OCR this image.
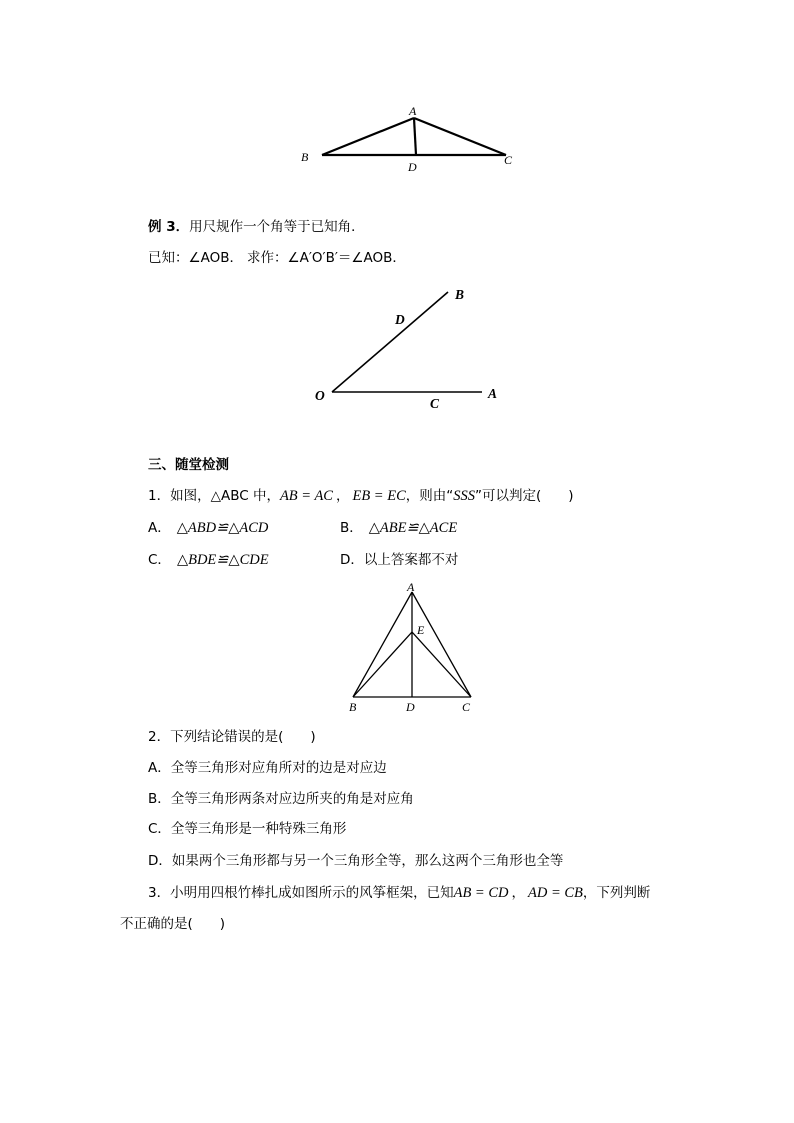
A
B	C
D
例 3．用尺规作一个角等于已知角．
已知：∠AOB． 求作：∠A′O′B′＝∠AOB．
O	A
B
C
D
三、随堂检测
1．如图，△ABC 中，AB = AC ， EB = EC，则由“SSS”可以判定(　　)
A． △ABD≌△ACD	B． △ABE≌△ACE
C． △BDE≌△CDE	D．以上答案都不对
A
E
B	D	C
2．下列结论错误的是(　　)
A．全等三角形对应角所对的边是对应边
B．全等三角形两条对应边所夹的角是对应角
C．全等三角形是一种特殊三角形
D．如果两个三角形都与另一个三角形全等，那么这两个三角形也全等
3．小明用四根竹棒扎成如图所示的风筝框架，已知AB = CD ， AD = CB，下列判断
不正确的是(　　)
